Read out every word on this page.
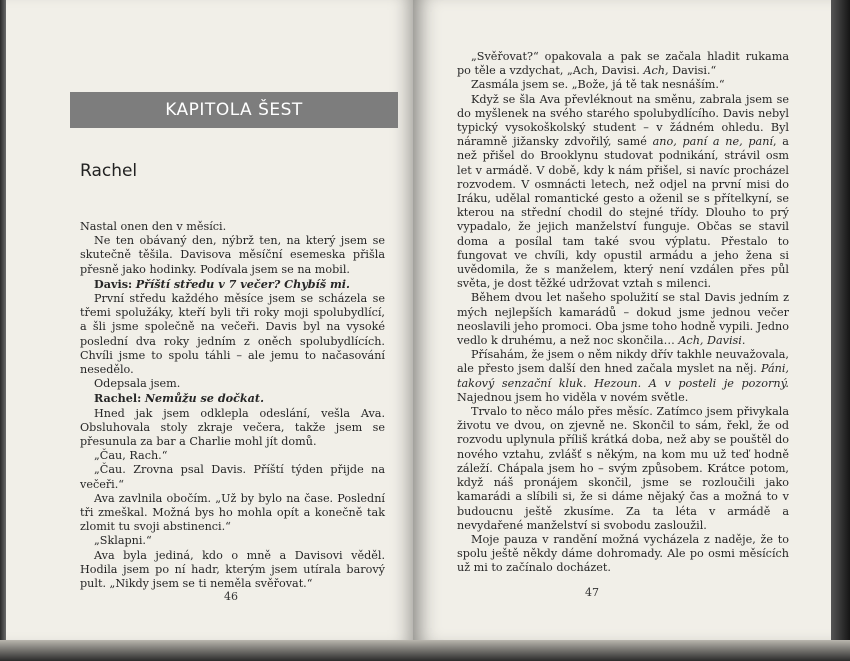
KAPITOLA ŠEST
Rachel

Nastal onen den v měsíci.

Ne ten obávaný den, nýbrž ten, na který jsem se skutečně těšila. Davisova měsíční esemeska přišla přesně jako hodinky. Podívala jsem se na mobil.

Davis: Příští středu v 7 večer? Chybíš mi.

První středu každého měsíce jsem se scházela se třemi spolužáky, kteří byli tři roky moji spolubydlící, a šli jsme společně na večeři. Davis byl na vysoké poslední dva roky jedním z oněch spolubydlících. Chvíli jsme to spolu táhli – ale jemu to načasování nesedělo.

Odepsala jsem.

Rachel: Nemůžu se dočkat.

Hned jak jsem odklepla odeslání, vešla Ava. Obsluhovala stoly zkraje večera, takže jsem se přesunula za bar a Charlie mohl jít domů.

„Čau, Rach.“

„Čau. Zrovna psal Davis. Příští týden přijde na večeři.“

Ava zavlnila obočím. „Už by bylo na čase. Poslední tři zmeškal. Možná bys ho mohla opít a konečně tak zlomit tu svoji abstinenci.“

„Sklapni.“

Ava byla jediná, kdo o mně a Davisovi věděl. Hodila jsem po ní hadr, kterým jsem utírala barový pult. „Nikdy jsem se ti neměla svěřovat.“

46

„Svěřovat?“ opakovala a pak se začala hladit rukama po těle a vzdychat, „Ach, Davisi. Ach, Davisi.“

Zasmála jsem se. „Bože, já tě tak nesnáším.“

Když se šla Ava převléknout na směnu, zabrala jsem se do myšlenek na svého starého spolubydlícího. Davis nebyl typický vysokoškolský student – v žádném ohledu. Byl náramně jižansky zdvořilý, samé ano, paní a ne, paní, a než přišel do Brooklynu studovat podnikání, strávil osm let v armádě. V době, kdy k nám přišel, si navíc procházel rozvodem. V osmnácti letech, než odjel na první misi do Iráku, udělal romantické gesto a oženil se s přítelkyní, se kterou na střední chodil do stejné třídy. Dlouho to prý vypadalo, že jejich manželství funguje. Občas se stavil doma a posílal tam také svou výplatu. Přestalo to fungovat ve chvíli, kdy opustil armádu a jeho žena si uvědomila, že s manželem, který není vzdálen přes půl světa, je dost těžké udržovat vztah s milenci.

Během dvou let našeho spolužití se stal Davis jedním z mých nejlepších kamarádů – dokud jsme jednou večer neoslavili jeho promoci. Oba jsme toho hodně vypili. Jedno vedlo k druhému, a než noc skončila… Ach, Davisi.

Přísahám, že jsem o něm nikdy dřív takhle neuvažovala, ale přesto jsem další den hned začala myslet na něj. Páni, takový senzační kluk. Hezoun. A v posteli je pozorný. Najednou jsem ho viděla v novém světle.

Trvalo to něco málo přes měsíc. Zatímco jsem přivykala životu ve dvou, on zjevně ne. Skončil to sám, řekl, že od rozvodu uplynula příliš krátká doba, než aby se pouštěl do nového vztahu, zvlášť s někým, na kom mu už teď hodně záleží. Chápala jsem ho – svým způsobem. Krátce potom, když náš pronájem skončil, jsme se rozloučili jako kamarádi a slíbili si, že si dáme nějaký čas a možná to v budoucnu ještě zkusíme. Za ta léta v armádě a nevydařené manželství si svobodu zasloužil.

Moje pauza v randění možná vycházela z naděje, že to spolu ještě někdy dáme dohromady. Ale po osmi měsících už mi to začínalo docházet.

47
